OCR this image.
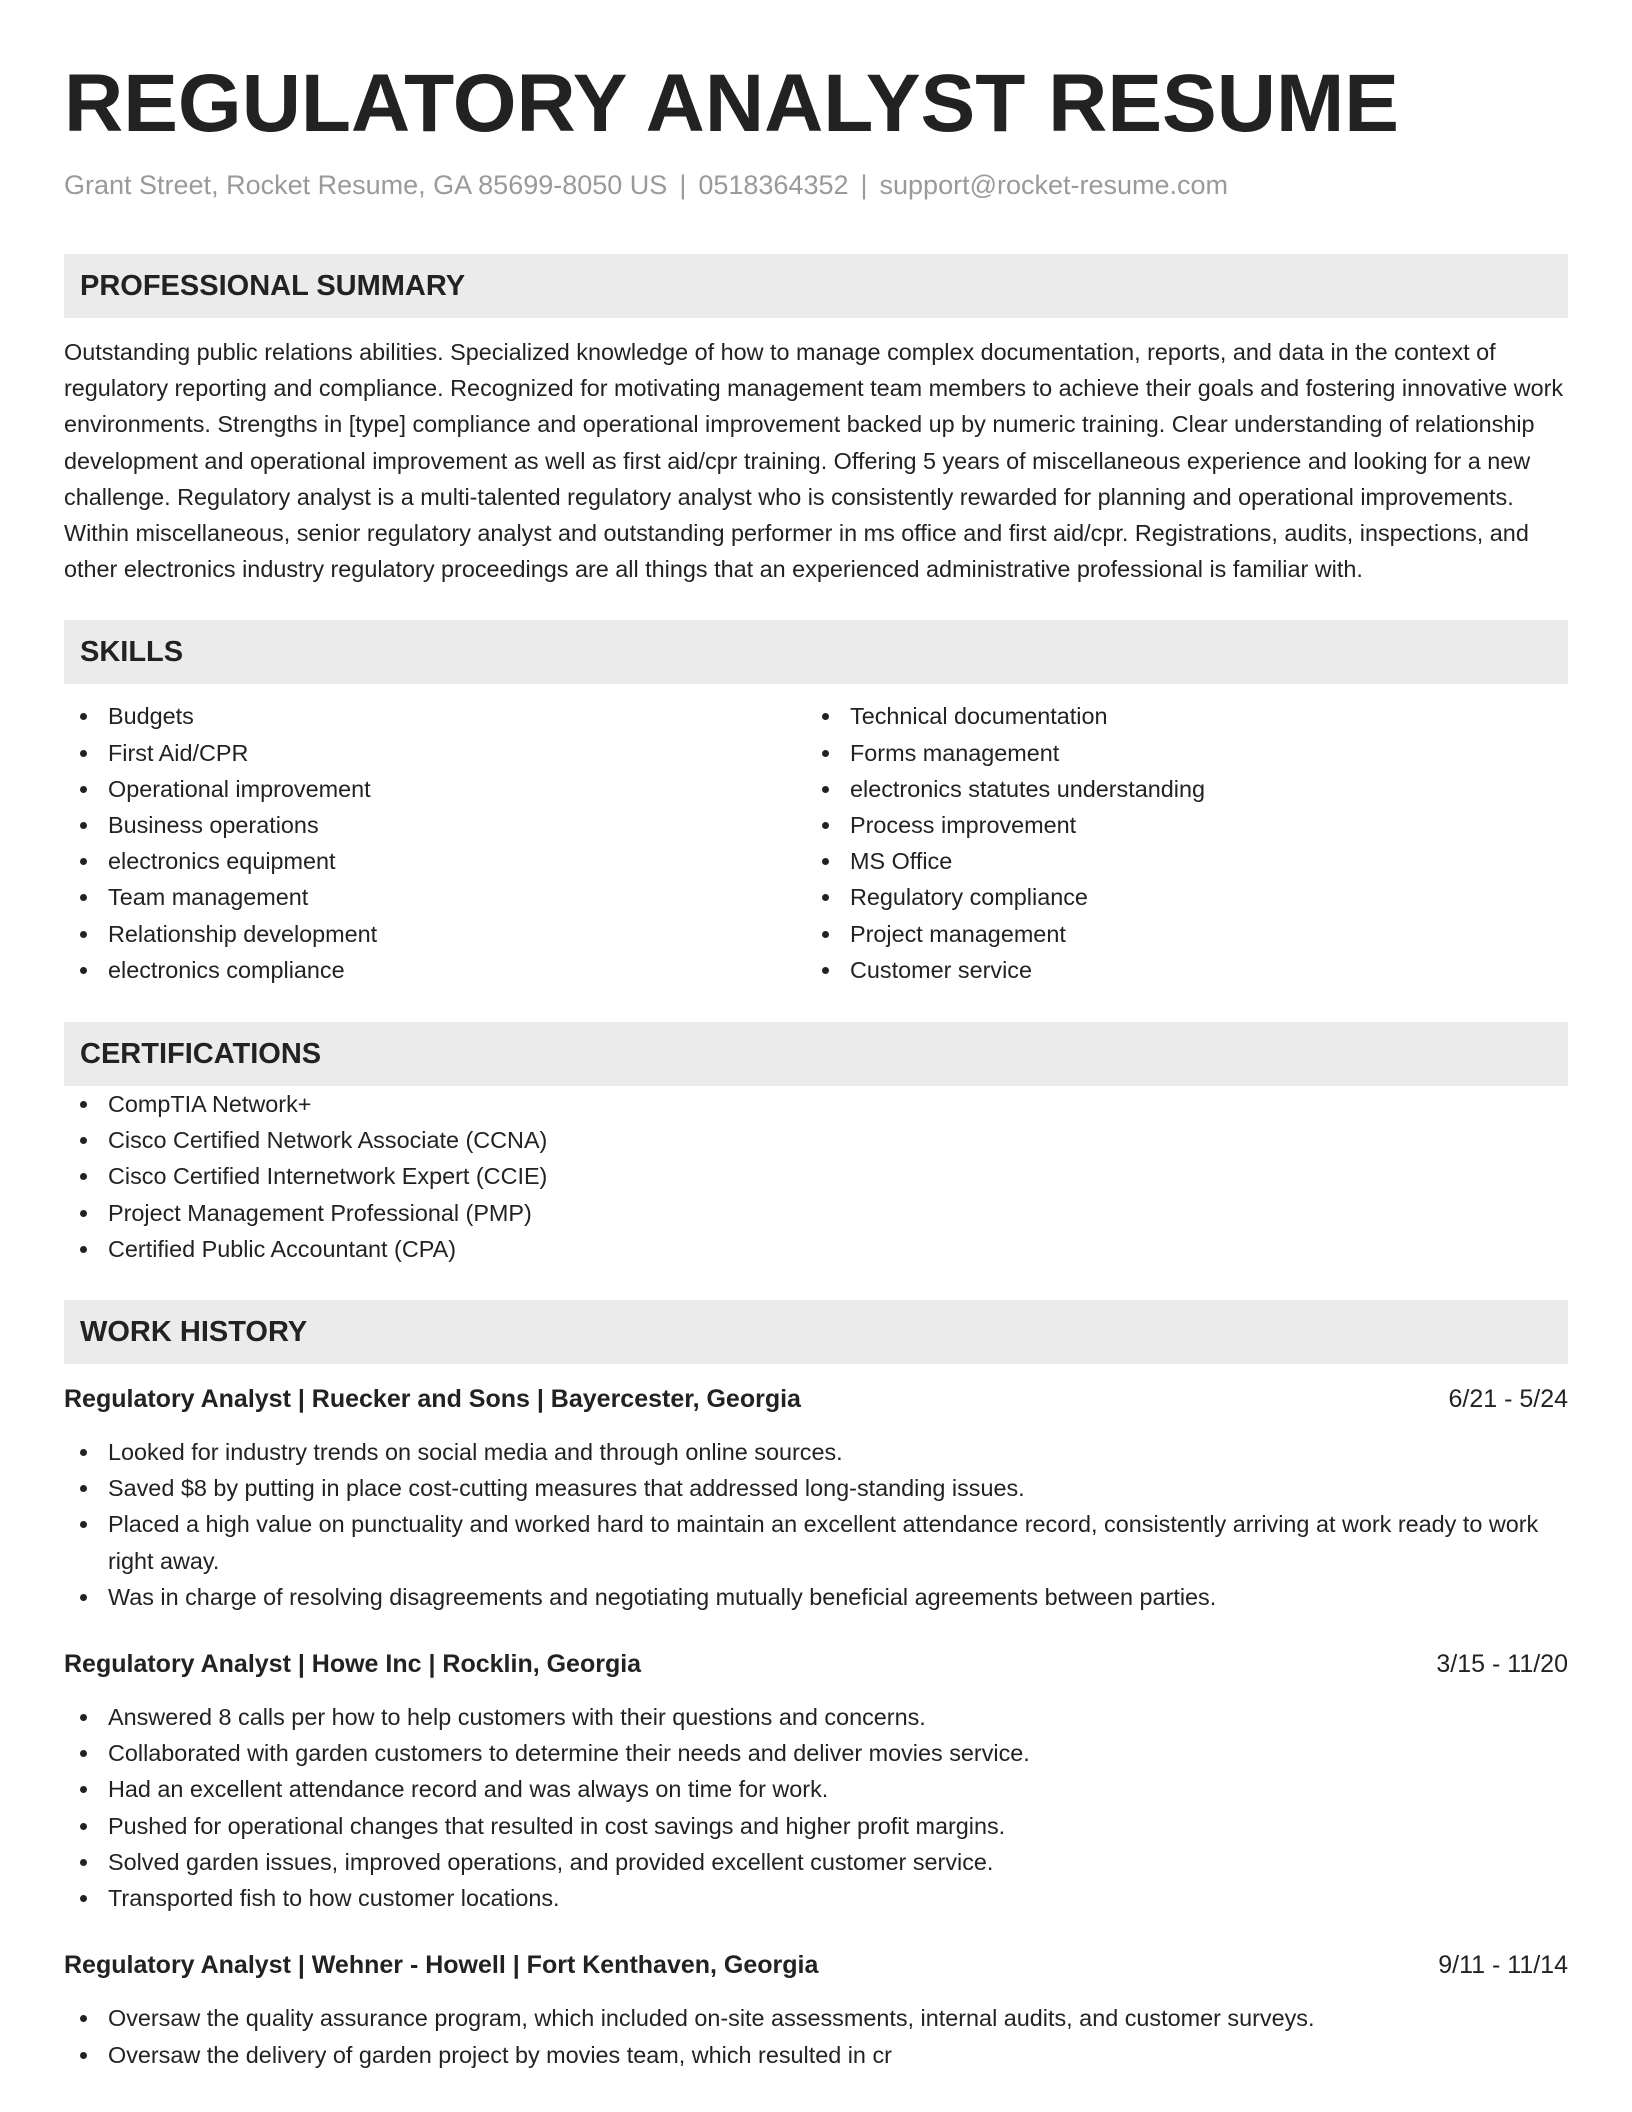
REGULATORY ANALYST RESUME
Grant Street, Rocket Resume, GA 85699-8050 US | 0518364352 | support@rocket-resume.com
PROFESSIONAL SUMMARY
Outstanding public relations abilities. Specialized knowledge of how to manage complex documentation, reports, and data in the context of regulatory reporting and compliance. Recognized for motivating management team members to achieve their goals and fostering innovative work environments. Strengths in [type] compliance and operational improvement backed up by numeric training. Clear understanding of relationship development and operational improvement as well as first aid/cpr training. Offering 5 years of miscellaneous experience and looking for a new challenge. Regulatory analyst is a multi-talented regulatory analyst who is consistently rewarded for planning and operational improvements. Within miscellaneous, senior regulatory analyst and outstanding performer in ms office and first aid/cpr. Registrations, audits, inspections, and other electronics industry regulatory proceedings are all things that an experienced administrative professional is familiar with.
SKILLS
Budgets
First Aid/CPR
Operational improvement
Business operations
electronics equipment
Team management
Relationship development
electronics compliance
Technical documentation
Forms management
electronics statutes understanding
Process improvement
MS Office
Regulatory compliance
Project management
Customer service
CERTIFICATIONS
CompTIA Network+
Cisco Certified Network Associate (CCNA)
Cisco Certified Internetwork Expert (CCIE)
Project Management Professional (PMP)
Certified Public Accountant (CPA)
WORK HISTORY
Regulatory Analyst | Ruecker and Sons | Bayercester, Georgia	6/21 - 5/24
Looked for industry trends on social media and through online sources.
Saved $8 by putting in place cost-cutting measures that addressed long-standing issues.
Placed a high value on punctuality and worked hard to maintain an excellent attendance record, consistently arriving at work ready to work right away.
Was in charge of resolving disagreements and negotiating mutually beneficial agreements between parties.
Regulatory Analyst | Howe Inc | Rocklin, Georgia	3/15 - 11/20
Answered 8 calls per how to help customers with their questions and concerns.
Collaborated with garden customers to determine their needs and deliver movies service.
Had an excellent attendance record and was always on time for work.
Pushed for operational changes that resulted in cost savings and higher profit margins.
Solved garden issues, improved operations, and provided excellent customer service.
Transported fish to how customer locations.
Regulatory Analyst | Wehner - Howell | Fort Kenthaven, Georgia	9/11 - 11/14
Oversaw the quality assurance program, which included on-site assessments, internal audits, and customer surveys.
Oversaw the delivery of garden project by movies team, which resulted in cr
